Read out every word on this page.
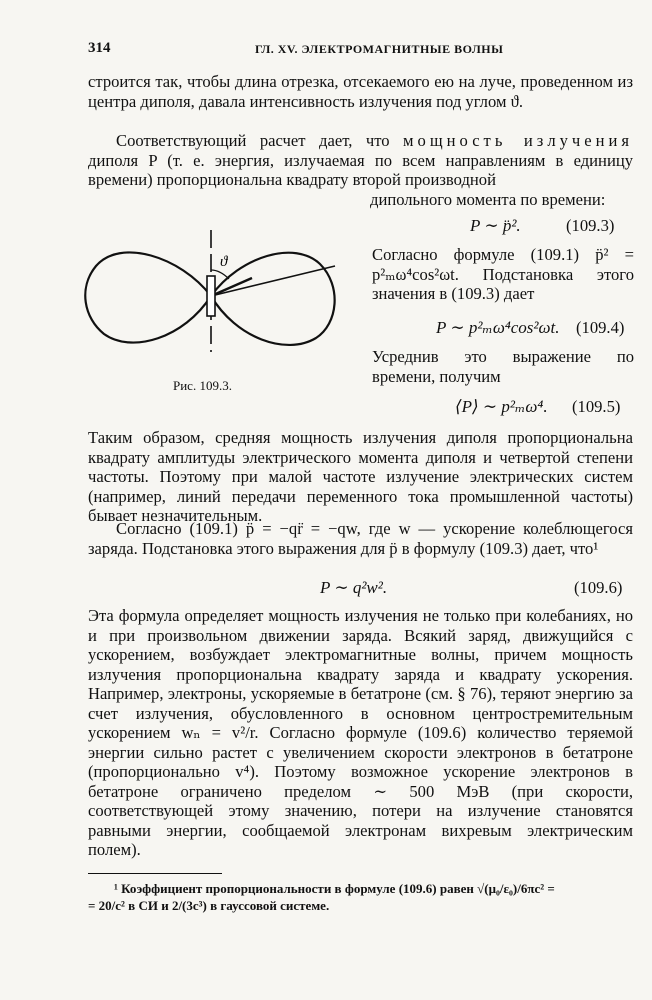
314	ГЛ. XV. ЭЛЕКТРОМАГНИТНЫЕ ВОЛНЫ
строится так, чтобы длина отрезка, отсекаемого ею на луче, проведенном из центра диполя, давала интенсивность излучения под углом ϑ.
Соответствующий расчет дает, что мощность излучения диполя P (т. е. энергия, излучаемая по всем направлениям в единицу времени) пропорциональна квадрату второй производной
дипольного момента по времени:
P ∼ p̈².	(109.3)
Согласно формуле (109.1) p̈² = p²ₘω⁴cos²ωt. Подстановка этого значения в (109.3) дает
P ∼ p²ₘω⁴cos²ωt. (109.4)
Усреднив это выражение по времени, получим
⟨P⟩ ∼ p²ₘω⁴. (109.5)
ϑ
Рис. 109.3.
Таким образом, средняя мощность излучения диполя пропорциональна квадрату амплитуды электрического момента диполя и четвертой степени частоты. Поэтому при малой частоте излучение электрических систем (например, линий передачи переменного тока промышленной частоты) бывает незначительным.
Согласно (109.1) p̈ = −qr̈ = −qw, где w — ускорение колеблющегося заряда. Подстановка этого выражения для p̈ в формулу (109.3) дает, что¹
P ∼ q²w².	(109.6)
Эта формула определяет мощность излучения не только при колебаниях, но и при произвольном движении заряда. Всякий заряд, движущийся с ускорением, возбуждает электромагнитные волны, причем мощность излучения пропорциональна квадрату заряда и квадрату ускорения. Например, электроны, ускоряемые в бетатроне (см. § 76), теряют энергию за счет излучения, обусловленного в основном центростремительным ускорением wₙ = v²/r. Согласно формуле (109.6) количество теряемой энергии сильно растет с увеличением скорости электронов в бетатроне (пропорционально v⁴). Поэтому возможное ускорение электронов в бетатроне ограничено пределом ∼ 500 МэВ (при скорости, соответствующей этому значению, потери на излучение становятся равными энергии, сообщаемой электронам вихревым электрическим полем).
¹ Коэффициент пропорциональности в формуле (109.6) равен √(μ₀/ε₀)/6πc² =
= 20/c² в СИ и 2/(3c³) в гауссовой системе.
